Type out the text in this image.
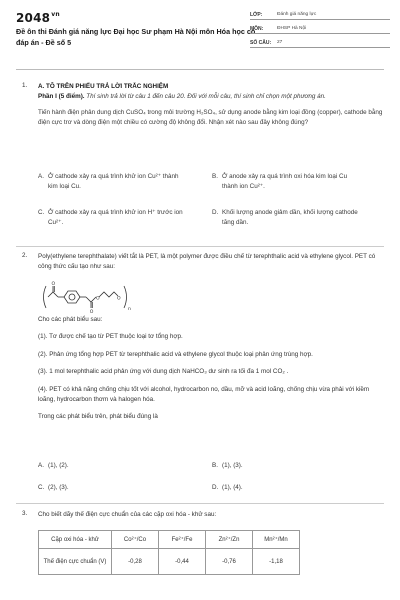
$2048^{vn}$
Đề ôn thi Đánh giá năng lực Đại học Sư phạm Hà Nội môn Hóa học có đáp án - Đề số 5
LỚP:	Đánh giá năng lực
MÔN:	ĐHSP Hà Nội
SỐ CÂU:	27
1. A. TÔ TRÊN PHIẾU TRẢ LỜI TRẮC NGHIỆM
Phần I (5 điểm). Thí sinh trả lời từ câu 1 đến câu 20. Đối với mỗi câu, thí sinh chỉ chọn một phương án.
Tiến hành điện phân dung dịch CuSO₄ trong môi trường H₂SO₄, sử dụng anode bằng kim loại đồng (copper), cathode bằng điện cực trơ và dòng điện một chiều có cường độ không đổi. Nhận xét nào sau đây không đúng?
A. Ở cathode xảy ra quá trình khử ion Cu²⁺ thành kim loại Cu.
B. Ở anode xảy ra quá trình oxi hóa kim loại Cu thành ion Cu²⁺.
C. Ở cathode xảy ra quá trình khử ion H⁺ trước ion Cu²⁺.
D. Khối lượng anode giảm dần, khối lượng cathode tăng dần.
2. Poly(ethylene terephthalate) viết tắt là PET, là một polymer được điều chế từ terephthalic acid và ethylene glycol. PET có công thức cấu tạo như sau:
O
O
O	O
n
Cho các phát biểu sau:
(1). Tơ được chế tạo từ PET thuộc loại tơ tổng hợp.
(2). Phản ứng tổng hợp PET từ terephthalic acid và ethylene glycol thuộc loại phản ứng trùng hợp.
(3). 1 mol terephthalic acid phản ứng với dung dịch NaHCO₃ dư sinh ra tối đa 1 mol CO₂ .
(4). PET có khả năng chống chịu tốt với alcohol, hydrocarbon no, dầu, mỡ và acid loãng, chống chịu vừa phải với kiềm loãng, hydrocarbon thơm và halogen hóa.
Trong các phát biểu trên, phát biểu đúng là
A. (1), (2).	B. (1), (3).
C. (2), (3).	D. (1), (4).
3. Cho biết dãy thế điện cực chuẩn của các cặp oxi hóa - khử sau:
Cặp oxi hóa - khử	Co²⁺/Co	Fe²⁺/Fe	Zn²⁺/Zn	Mn²⁺/Mn
Thế điện cực chuẩn (V)	-0,28	-0,44	-0,76	-1,18
